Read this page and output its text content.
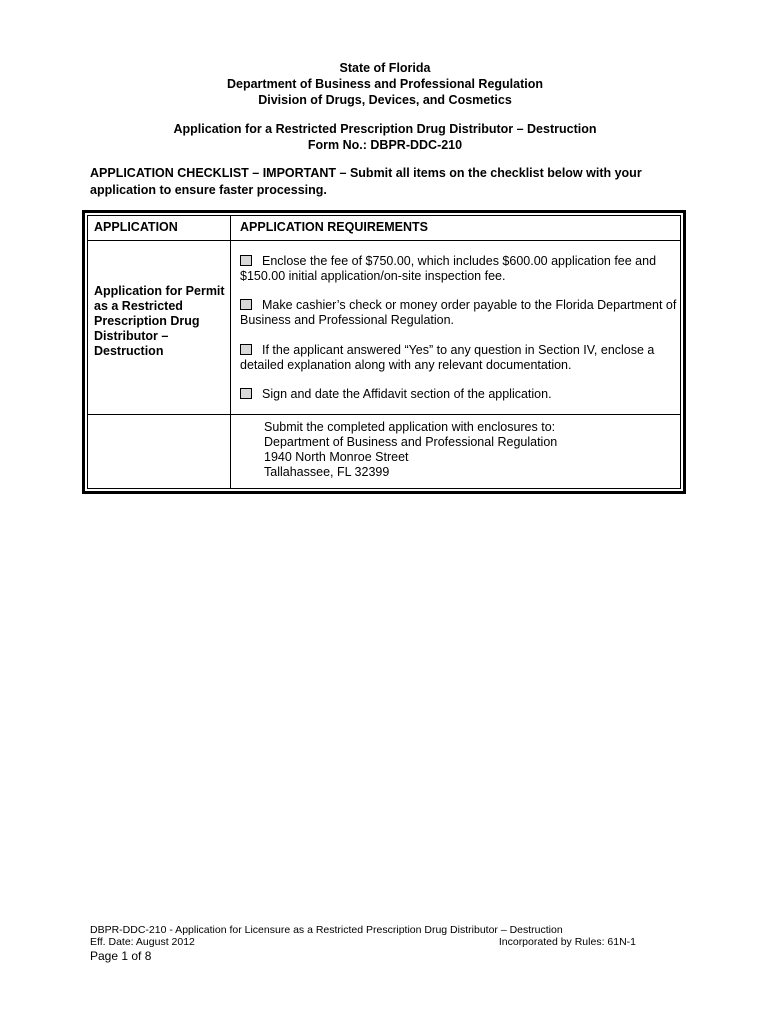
State of Florida
Department of Business and Professional Regulation
Division of Drugs, Devices, and Cosmetics
Application for a Restricted Prescription Drug Distributor – Destruction
Form No.: DBPR-DDC-210
APPLICATION CHECKLIST – IMPORTANT – Submit all items on the checklist below with your application to ensure faster processing.
APPLICATION	APPLICATION REQUIREMENTS
Application for Permit as a Restricted Prescription Drug Distributor – Destruction
Enclose the fee of $750.00, which includes $600.00 application fee and $150.00 initial application/on-site inspection fee.
Make cashier’s check or money order payable to the Florida Department of Business and Professional Regulation.
If the applicant answered “Yes” to any question in Section IV, enclose a detailed explanation along with any relevant documentation.
Sign and date the Affidavit section of the application.
Submit the completed application with enclosures to:
Department of Business and Professional Regulation
1940 North Monroe Street
Tallahassee, FL 32399
DBPR-DDC-210 - Application for Licensure as a Restricted Prescription Drug Distributor – Destruction
Eff. Date: August 2012	Incorporated by Rules: 61N-1
Page 1 of 8
